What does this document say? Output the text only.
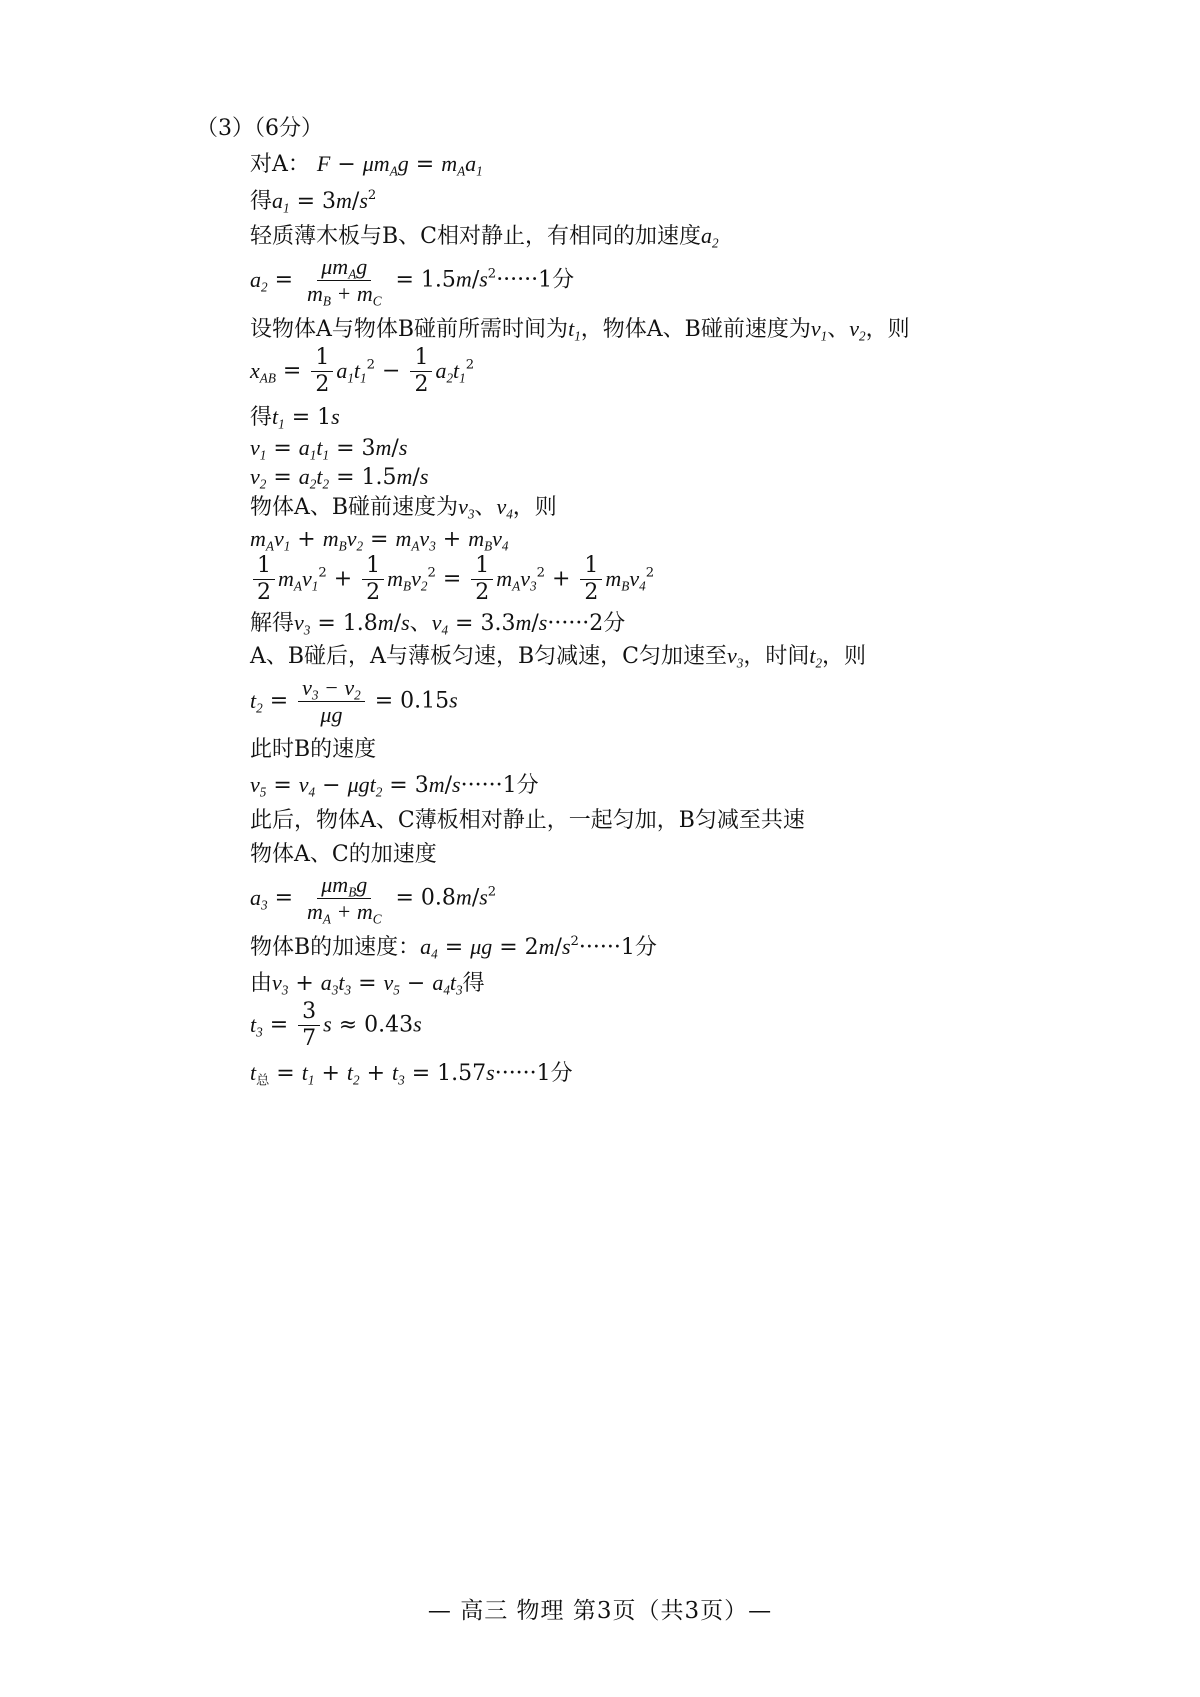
（3）（6分）
对A： $F - \mu m_Ag = m_Aa_1$
得$a_1 = 3m/s^2$
轻质薄木板与B、C相对静止，有相同的加速度$a_2$
$a_2 = \frac{\mu m_Ag}{m_B + m_C} = 1.5m/s^2\cdot\cdot\cdot\cdot\cdot\cdot 1$分
设物体A与物体B碰前所需时间为$t_1$，物体A、B碰前速度为$v_1$、$v_2$，则
$x_{AB} = \frac{1}{2} a_1t_1^2 - \frac{1}{2} a_2t_1^2$
得$t_1 = 1s$
$v_1 = a_1t_1 = 3m/s$
$v_2 = a_2t_2 = 1.5m/s$
物体A、B碰前速度为$v_3$、$v_4$，则
$m_Av_1 + m_Bv_2 = m_Av_3 + m_Bv_4$
$\frac{1}{2} m_Av_1^2 + \frac{1}{2} m_Bv_2^2 = \frac{1}{2} m_Av_3^2 + \frac{1}{2} m_Bv_4^2$
解得$v_3 = 1.8m/s$、$v_4 = 3.3m/s\cdot\cdot\cdot\cdot\cdot\cdot 2$分
A、B碰后，A与薄板匀速，B匀减速，C匀加速至$v_3$，时间$t_2$，则
$t_2 = \frac{v_3 - v_2}{\mu g} = 0.15s$
此时B的速度
$v_5 = v_4 - \mu gt_2 = 3m/s\cdot\cdot\cdot\cdot\cdot\cdot 1$分
此后，物体A、C薄板相对静止，一起匀加，B匀减至共速
物体A、C的加速度
$a_3 = \frac{\mu m_Bg}{m_A + m_C} = 0.8m/s^2$
物体B的加速度：$a_4 = \mu g = 2m/s^2\cdot\cdot\cdot\cdot\cdot\cdot 1$分
由$v_3 + a_3t_3 = v_5 - a_4t_3$得
$t_3 = \frac{3}{7}$ s ≈ 0.43s
$t_总 = t_1 + t_2 + t_3 = 1.57s\cdot\cdot\cdot\cdot\cdot\cdot 1$分
— 高三 物理 第3页（共3页）—
